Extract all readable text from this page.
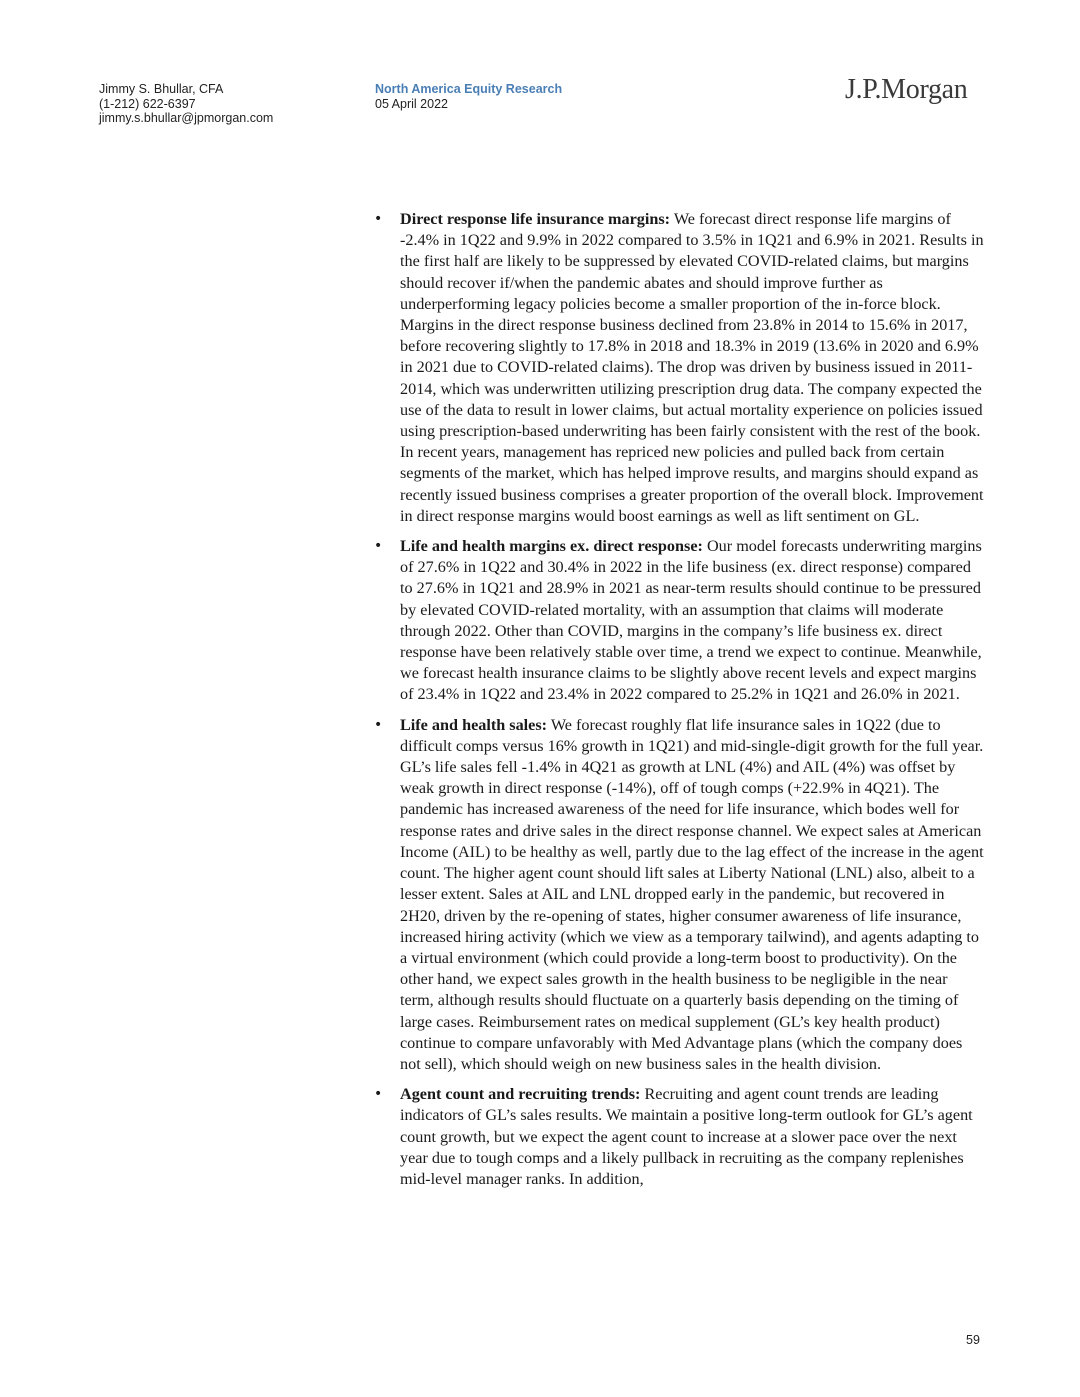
Jimmy S. Bhullar, CFA
(1-212) 622-6397
jimmy.s.bhullar@jpmorgan.com
North America Equity Research
05 April 2022	J.P.Morgan
• Direct response life insurance margins: We forecast direct response life margins of -2.4% in 1Q22 and 9.9% in 2022 compared to 3.5% in 1Q21 and 6.9% in 2021. Results in the first half are likely to be suppressed by elevated COVID-related claims, but margins should recover if/when the pandemic abates and should improve further as underperforming legacy policies become a smaller proportion of the in-force block. Margins in the direct response business declined from 23.8% in 2014 to 15.6% in 2017, before recovering slightly to 17.8% in 2018 and 18.3% in 2019 (13.6% in 2020 and 6.9% in 2021 due to COVID-related claims). The drop was driven by business issued in 2011-2014, which was underwritten utilizing prescription drug data. The company expected the use of the data to result in lower claims, but actual mortality experience on policies issued using prescription-based underwriting has been fairly consistent with the rest of the book. In recent years, management has repriced new policies and pulled back from certain segments of the market, which has helped improve results, and margins should expand as recently issued business comprises a greater proportion of the overall block. Improvement in direct response margins would boost earnings as well as lift sentiment on GL.
• Life and health margins ex. direct response: Our model forecasts underwriting margins of 27.6% in 1Q22 and 30.4% in 2022 in the life business (ex. direct response) compared to 27.6% in 1Q21 and 28.9% in 2021 as near-term results should continue to be pressured by elevated COVID-related mortality, with an assumption that claims will moderate through 2022. Other than COVID, margins in the company’s life business ex. direct response have been relatively stable over time, a trend we expect to continue. Meanwhile, we forecast health insurance claims to be slightly above recent levels and expect margins of 23.4% in 1Q22 and 23.4% in 2022 compared to 25.2% in 1Q21 and 26.0% in 2021.
• Life and health sales: We forecast roughly flat life insurance sales in 1Q22 (due to difficult comps versus 16% growth in 1Q21) and mid-single-digit growth for the full year. GL’s life sales fell -1.4% in 4Q21 as growth at LNL (4%) and AIL (4%) was offset by weak growth in direct response (-14%), off of tough comps (+22.9% in 4Q21). The pandemic has increased awareness of the need for life insurance, which bodes well for response rates and drive sales in the direct response channel. We expect sales at American Income (AIL) to be healthy as well, partly due to the lag effect of the increase in the agent count. The higher agent count should lift sales at Liberty National (LNL) also, albeit to a lesser extent. Sales at AIL and LNL dropped early in the pandemic, but recovered in 2H20, driven by the re-opening of states, higher consumer awareness of life insurance, increased hiring activity (which we view as a temporary tailwind), and agents adapting to a virtual environment (which could provide a long-term boost to productivity). On the other hand, we expect sales growth in the health business to be negligible in the near term, although results should fluctuate on a quarterly basis depending on the timing of large cases. Reimbursement rates on medical supplement (GL’s key health product) continue to compare unfavorably with Med Advantage plans (which the company does not sell), which should weigh on new business sales in the health division.
• Agent count and recruiting trends: Recruiting and agent count trends are leading indicators of GL’s sales results. We maintain a positive long-term outlook for GL’s agent count growth, but we expect the agent count to increase at a slower pace over the next year due to tough comps and a likely pullback in recruiting as the company replenishes mid-level manager ranks. In addition,
59
